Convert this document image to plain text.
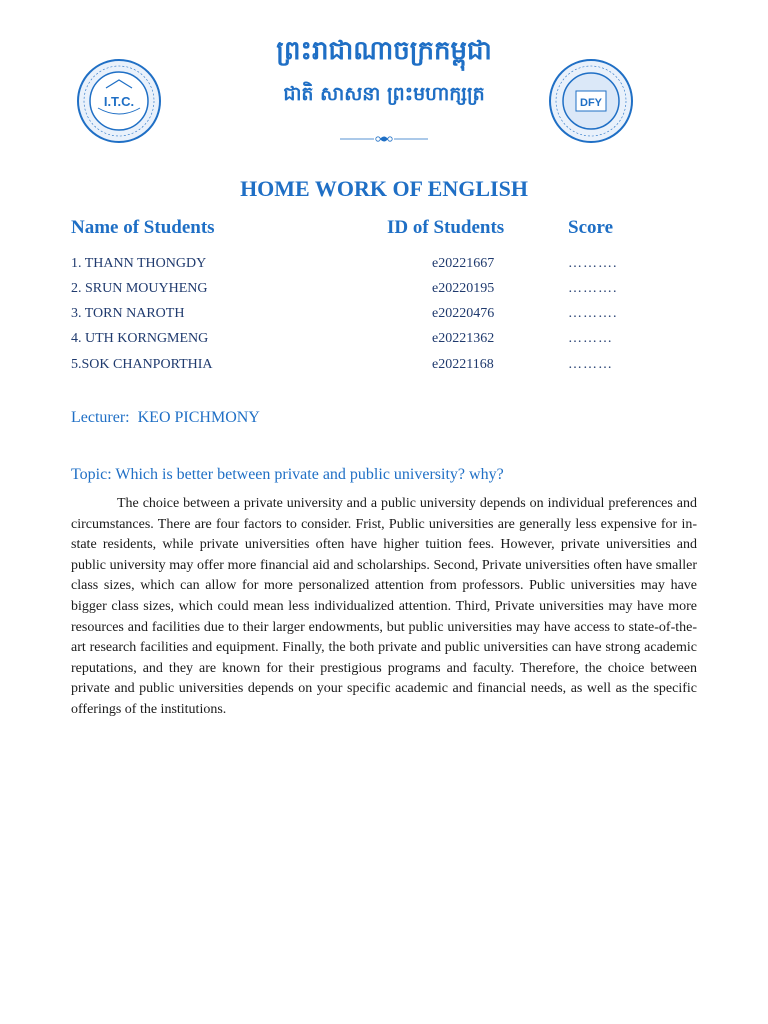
I.T.C.	DFY
ព្រះរាជាណាចក្រកម្ពុជា
ជាតិ សាសនា ព្រះមហាក្សត្រ
HOME WORK OF ENGLISH
Name of Students	ID of Students	Score
1. THANN THONGDY	e20221667	……….
2. SRUN MOUYHENG	e20220195	……….
3. TORN NAROTH	e20220476	……….
4. UTH KORNGMENG	e20221362	………
5.SOK CHANPORTHIA	e20221168	………
Lecturer: KEO PICHMONY
Topic: Which is better between private and public university? why?

The choice between a private university and a public university depends on individual preferences and circumstances. There are four factors to consider. Frist, Public universities are generally less expensive for in-state residents, while private universities often have higher tuition fees. However, private universities and public university may offer more financial aid and scholarships. Second, Private universities often have smaller class sizes, which can allow for more personalized attention from professors. Public universities may have bigger class sizes, which could mean less individualized attention. Third, Private universities may have more resources and facilities due to their larger endowments, but public universities may have access to state-of-the-art research facilities and equipment. Finally, the both private and public universities can have strong academic reputations, and they are known for their prestigious programs and faculty. Therefore, the choice between private and public universities depends on your specific academic and financial needs, as well as the specific offerings of the institutions.
